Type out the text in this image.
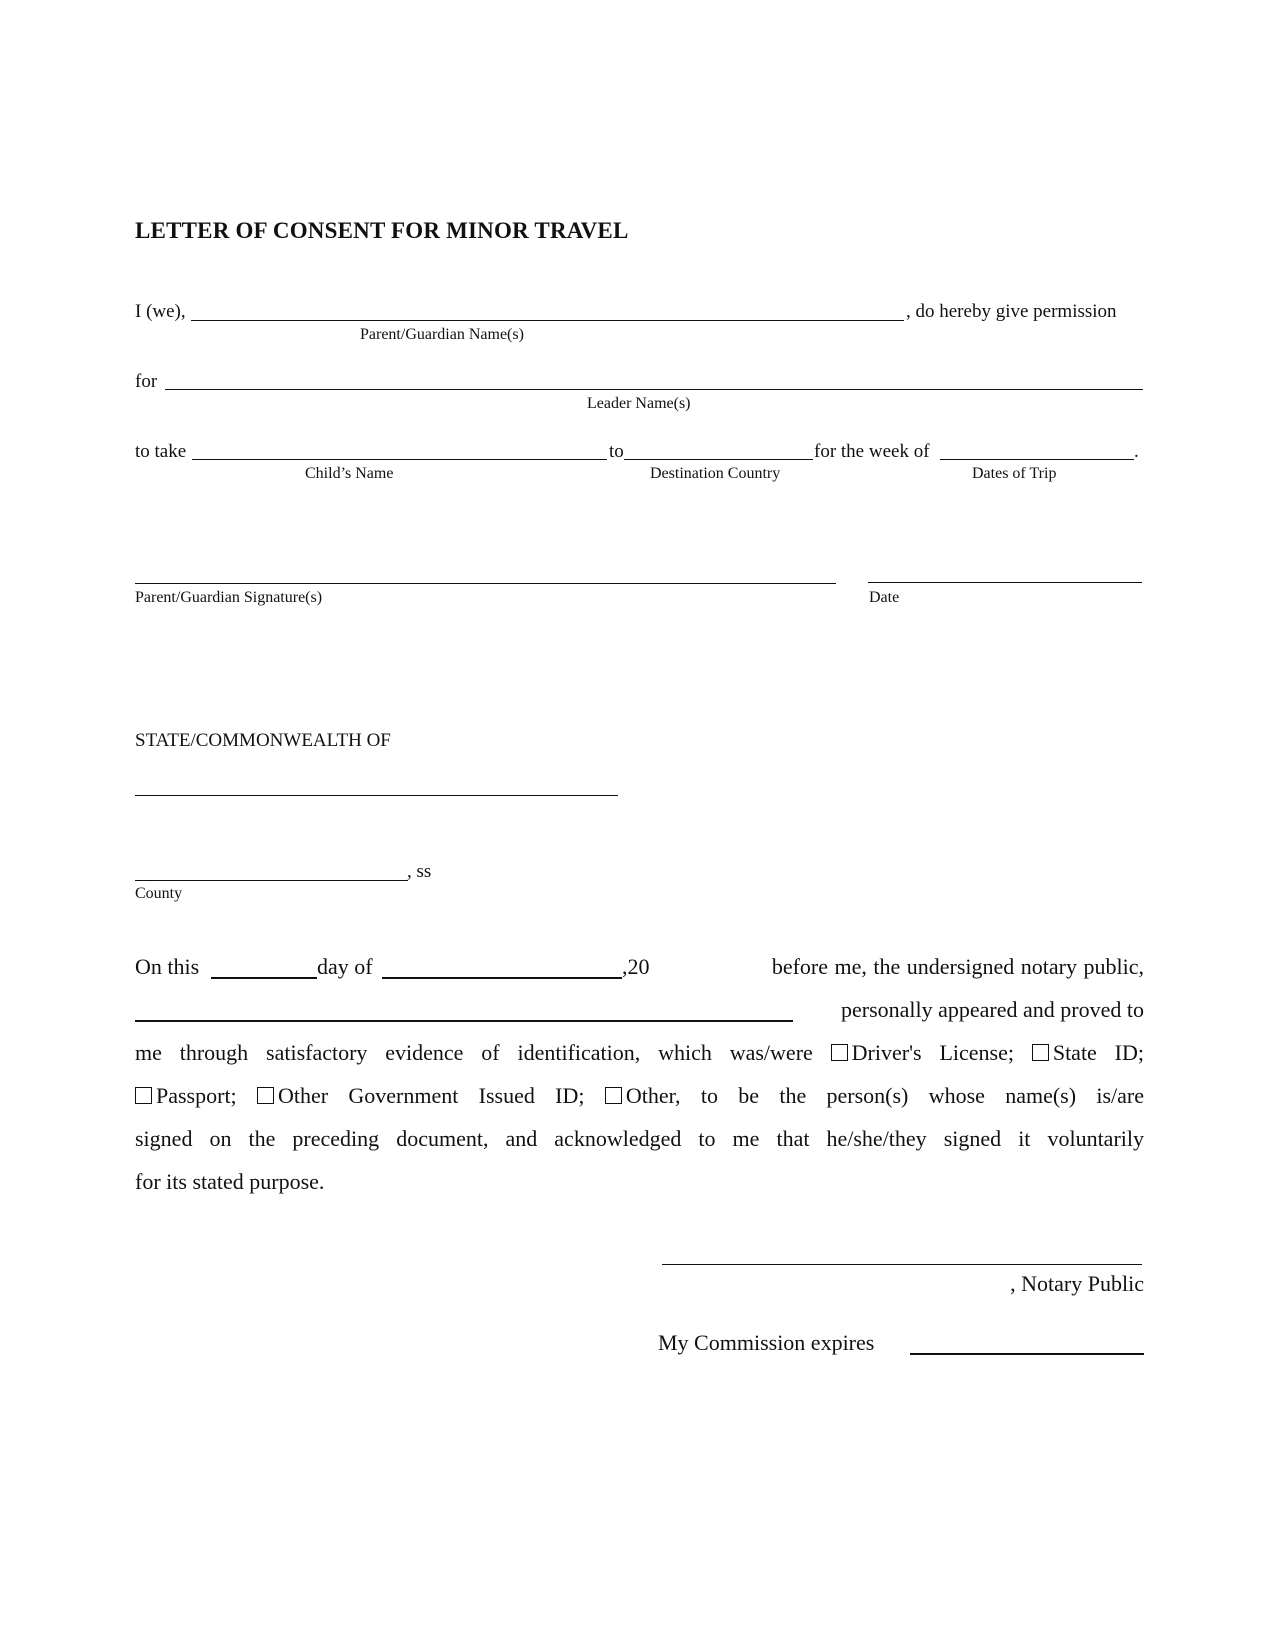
LETTER OF CONSENT FOR MINOR TRAVEL
I (we),	, do hereby give permission
Parent/Guardian Name(s)
for
Leader Name(s)
to take	to	for the week of	.
Child’s Name	Destination Country	Dates of Trip
Parent/Guardian Signature(s)	Date
STATE/COMMONWEALTH OF
, ss
County
On this	day of	,20	before me, the undersigned notary public,
personally appeared and proved to
me through satisfactory evidence of identification, which was/were Driver's License; State ID;
Passport; Other Government Issued ID; Other, to be the person(s) whose name(s) is/are
signed on the preceding document, and acknowledged to me that he/she/they signed it voluntarily
for its stated purpose.
, Notary Public
My Commission expires
